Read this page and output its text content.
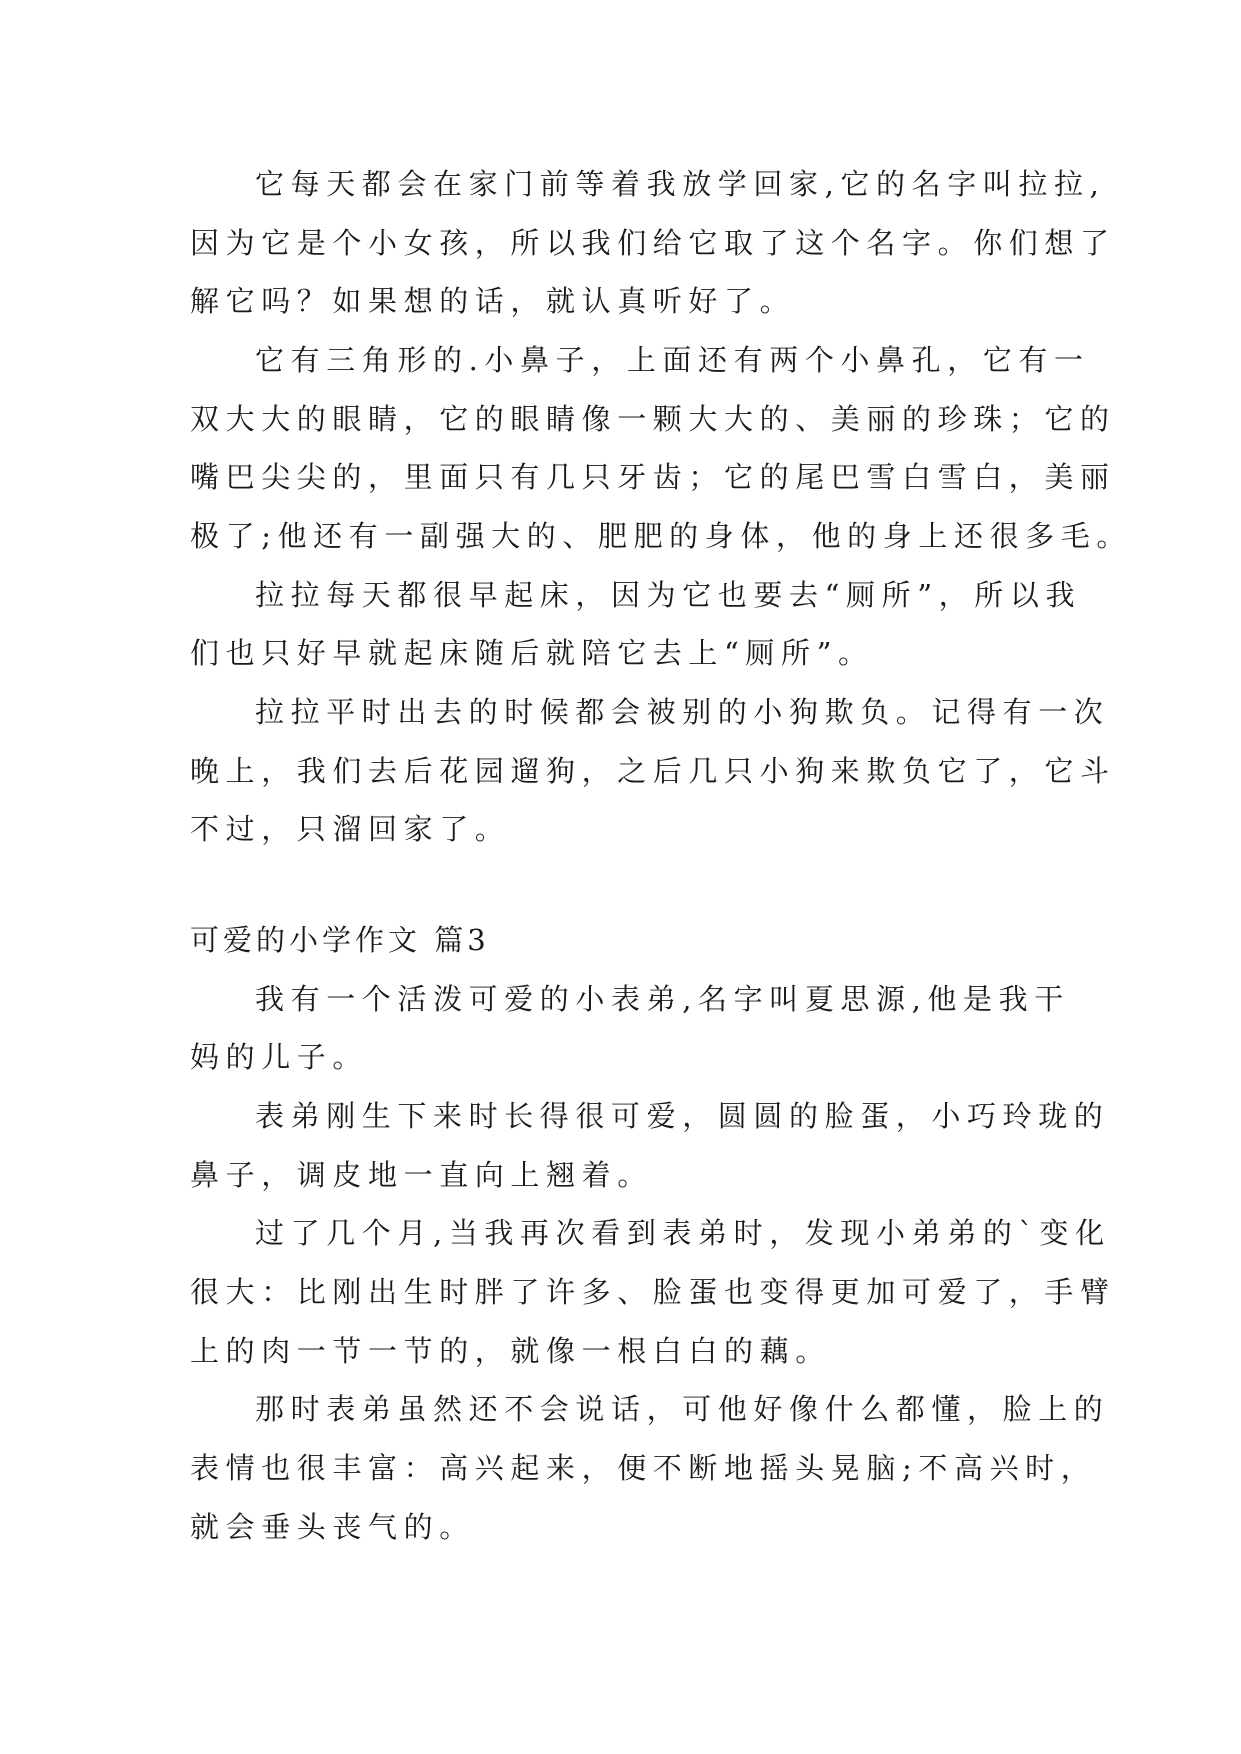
它每天都会在家门前等着我放学回家,它的名字叫拉拉,
因为它是个小女孩，所以我们给它取了这个名字。你们想了
解它吗？如果想的话，就认真听好了。
它有三角形的.小鼻子，上面还有两个小鼻孔，它有一
双大大的眼睛，它的眼睛像一颗大大的、美丽的珍珠；它的
嘴巴尖尖的，里面只有几只牙齿；它的尾巴雪白雪白，美丽
极了;他还有一副强大的、肥肥的身体，他的身上还很多毛。
拉拉每天都很早起床，因为它也要去“厕所”，所以我
们也只好早就起床随后就陪它去上“厕所”。
拉拉平时出去的时候都会被别的小狗欺负。记得有一次
晚上，我们去后花园遛狗，之后几只小狗来欺负它了，它斗
不过，只溜回家了。
可爱的小学作文 篇3
我有一个活泼可爱的小表弟,名字叫夏思源,他是我干
妈的儿子。
表弟刚生下来时长得很可爱，圆圆的脸蛋，小巧玲珑的
鼻子，调皮地一直向上翘着。
过了几个月,当我再次看到表弟时，发现小弟弟的`变化
很大：比刚出生时胖了许多、脸蛋也变得更加可爱了，手臂
上的肉一节一节的，就像一根白白的藕。
那时表弟虽然还不会说话，可他好像什么都懂，脸上的
表情也很丰富：高兴起来，便不断地摇头晃脑;不高兴时，
就会垂头丧气的。
